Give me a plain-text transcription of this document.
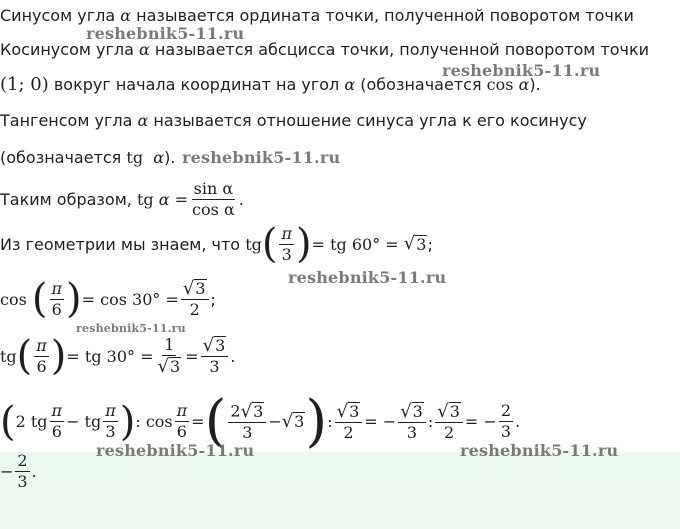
Синусом угла α называется ордината точки, полученной поворотом точки
Косинусом угла α называется абсцисса точки, полученной поворотом точки
(1; 0) вокруг начала координат на угол α (обозначается cos α).
Тангенсом угла α называется отношение синуса угла к его косинусу
(обозначается tg α).
Таким образом,
tg
α
= $\frac{\text{sin α}}{\text{cos α}}$ .
Из геометрии мы знаем, что
tg ( $\frac{\pi}{3}$ ) = tg 60° =
√ 3 ;
cos
( $\frac{\pi}{6}$ ) = $\cos 30^\circ = \frac{√ 3}{2}$ ;
tg ( $\frac{\pi}{6}$ ) = tg $30^\circ = \frac{1}{√ 3} = \frac{√ 3}{3}$ .
( 2 tg $\frac{\pi}{6}$ − tg $\frac{\pi}{3}$ ) : $\cos \frac{\pi}{6}$ = ( $\frac{2 √ 3}{3}$ − √ 3 ) : $\frac{√ 3}{2}$ = − $\frac{√ 3}{3}$ : $\frac{√ 3}{2}$ = − $\frac{2}{3}$ .
− $\frac{2}{3}$ .
reshebnik5-11.ru
reshebnik5-11.ru
reshebnik5-11.ru
reshebnik5-11.ru
reshebnik5-11.ru
reshebnik5-11.ru	reshebnik5-11.ru
